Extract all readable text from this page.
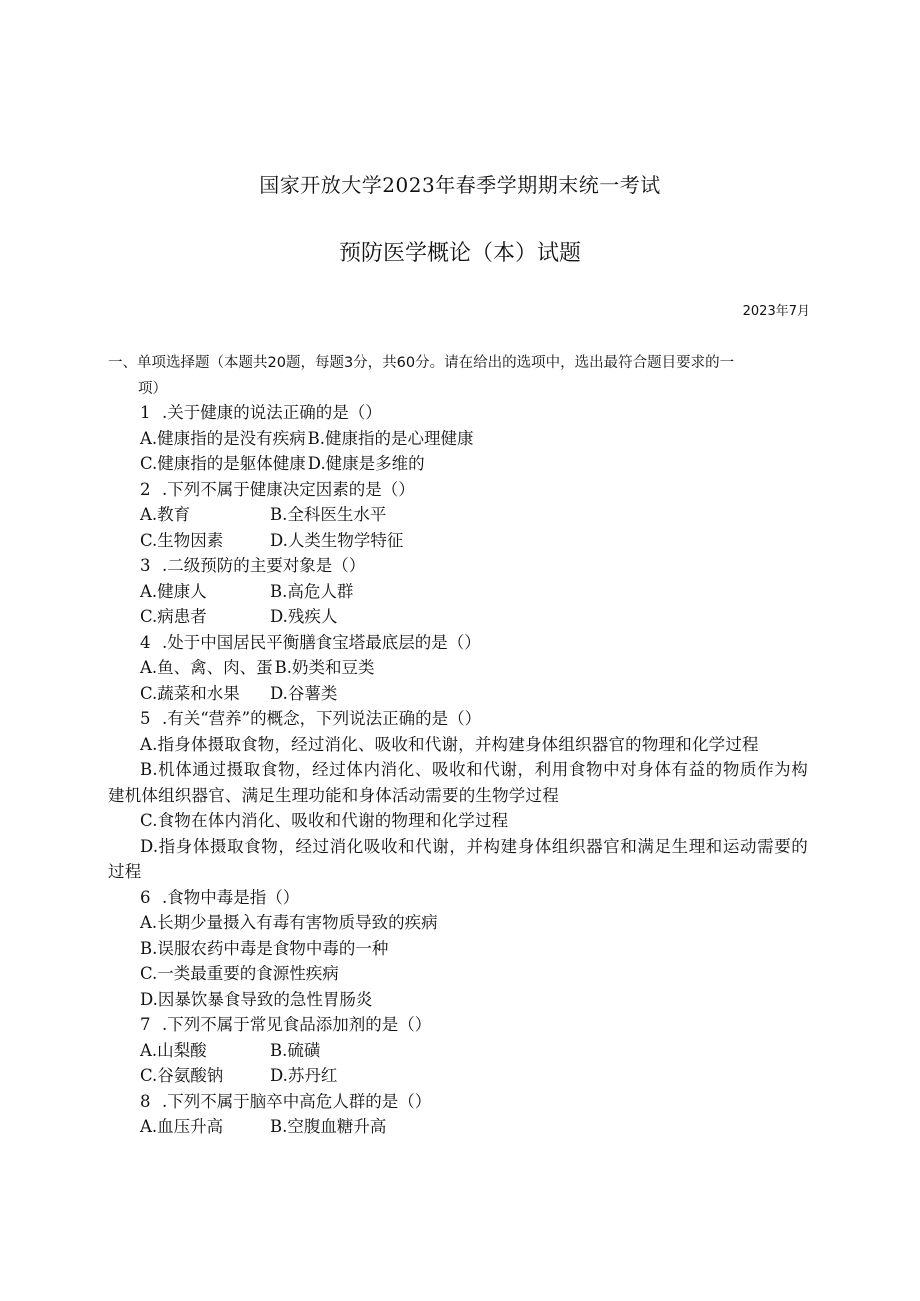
国家开放大学2023年春季学期期末统一考试
预防医学概论（本）试题
2023年7月
一、单项选择题（本题共20题，每题3分，共60分。请在给出的选项中，选出最符合题目要求的一
项）
1 .关于健康的说法正确的是（）
A.健康指的是没有疾病 B.健康指的是心理健康
C.健康指的是躯体健康 D.健康是多维的
2 .下列不属于健康决定因素的是（）
A.教育	B.全科医生水平
C.生物因素	D.人类生物学特征
3 .二级预防的主要对象是（）
A.健康人	B.高危人群
C.病患者	D.残疾人
4 .处于中国居民平衡膳食宝塔最底层的是（）
A.鱼、禽、肉、蛋 B.奶类和豆类
C.蔬菜和水果 D.谷薯类
5 .有关“营养”的概念，下列说法正确的是（）
A.指身体摄取食物，经过消化、吸收和代谢，并构建身体组织器官的物理和化学过程
B.机体通过摄取食物，经过体内消化、吸收和代谢，利用食物中对身体有益的物质作为构建机体组织器官、满足生理功能和身体活动需要的生物学过程
C.食物在体内消化、吸收和代谢的物理和化学过程
D.指身体摄取食物，经过消化吸收和代谢，并构建身体组织器官和满足生理和运动需要的过程
6 .食物中毒是指（）
A.长期少量摄入有毒有害物质导致的疾病
B.误服农药中毒是食物中毒的一种
C.一类最重要的食源性疾病
D.因暴饮暴食导致的急性胃肠炎
7 .下列不属于常见食品添加剂的是（）
A.山梨酸	B.硫磺
C.谷氨酸钠	D.苏丹红
8 .下列不属于脑卒中高危人群的是（）
A.血压升高	B.空腹血糖升高
